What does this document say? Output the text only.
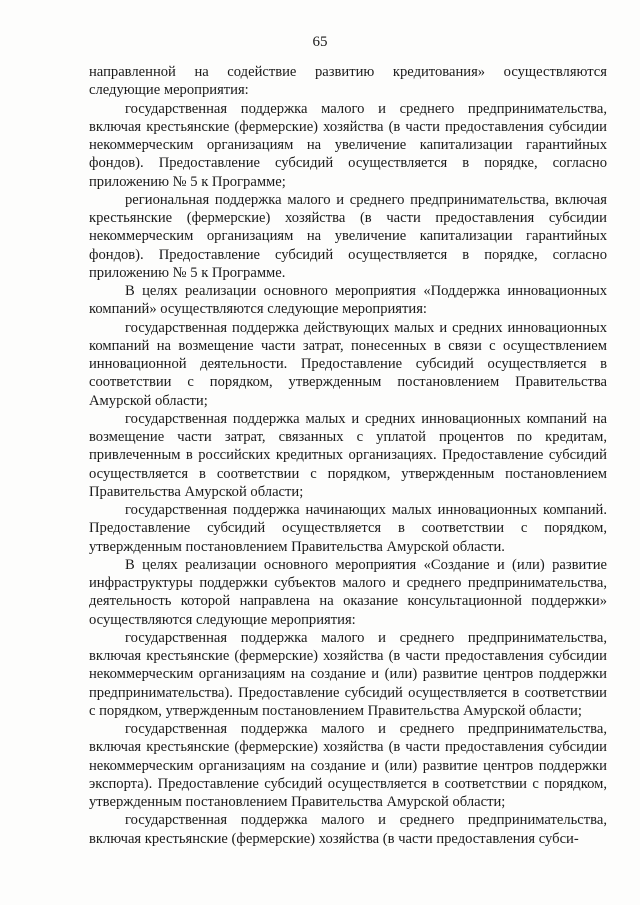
65

направленной на содействие развитию кредитования» осуществляются следующие мероприятия:

государственная поддержка малого и среднего предпринимательства, включая крестьянские (фермерские) хозяйства (в части предоставления субсидии некоммерческим организациям на увеличение капитализации гарантийных фондов). Предоставление субсидий осуществляется в порядке, согласно приложению № 5 к Программе;

региональная поддержка малого и среднего предпринимательства, включая крестьянские (фермерские) хозяйства (в части предоставления субсидии некоммерческим организациям на увеличение капитализации гарантийных фондов). Предоставление субсидий осуществляется в порядке, согласно приложению № 5 к Программе.

В целях реализации основного мероприятия «Поддержка инновационных компаний» осуществляются следующие мероприятия:

государственная поддержка действующих малых и средних инновационных компаний на возмещение части затрат, понесенных в связи с осуществлением инновационной деятельности. Предоставление субсидий осуществляется в соответствии с порядком, утвержденным постановлением Правительства Амурской области;

государственная поддержка малых и средних инновационных компаний на возмещение части затрат, связанных с уплатой процентов по кредитам, привлеченным в российских кредитных организациях. Предоставление субсидий осуществляется в соответствии с порядком, утвержденным постановлением Правительства Амурской области;

государственная поддержка начинающих малых инновационных компаний. Предоставление субсидий осуществляется в соответствии с порядком, утвержденным постановлением Правительства Амурской области.

В целях реализации основного мероприятия «Создание и (или) развитие инфраструктуры поддержки субъектов малого и среднего предпринимательства, деятельность которой направлена на оказание консультационной поддержки» осуществляются следующие мероприятия:

государственная поддержка малого и среднего предпринимательства, включая крестьянские (фермерские) хозяйства (в части предоставления субсидии некоммерческим организациям на создание и (или) развитие центров поддержки предпринимательства). Предоставление субсидий осуществляется в соответствии с порядком, утвержденным постановлением Правительства Амурской области;

государственная поддержка малого и среднего предпринимательства, включая крестьянские (фермерские) хозяйства (в части предоставления субсидии некоммерческим организациям на создание и (или) развитие центров поддержки экспорта). Предоставление субсидий осуществляется в соответствии с порядком, утвержденным постановлением Правительства Амурской области;

государственная поддержка малого и среднего предпринимательства, включая крестьянские (фермерские) хозяйства (в части предоставления субси-
